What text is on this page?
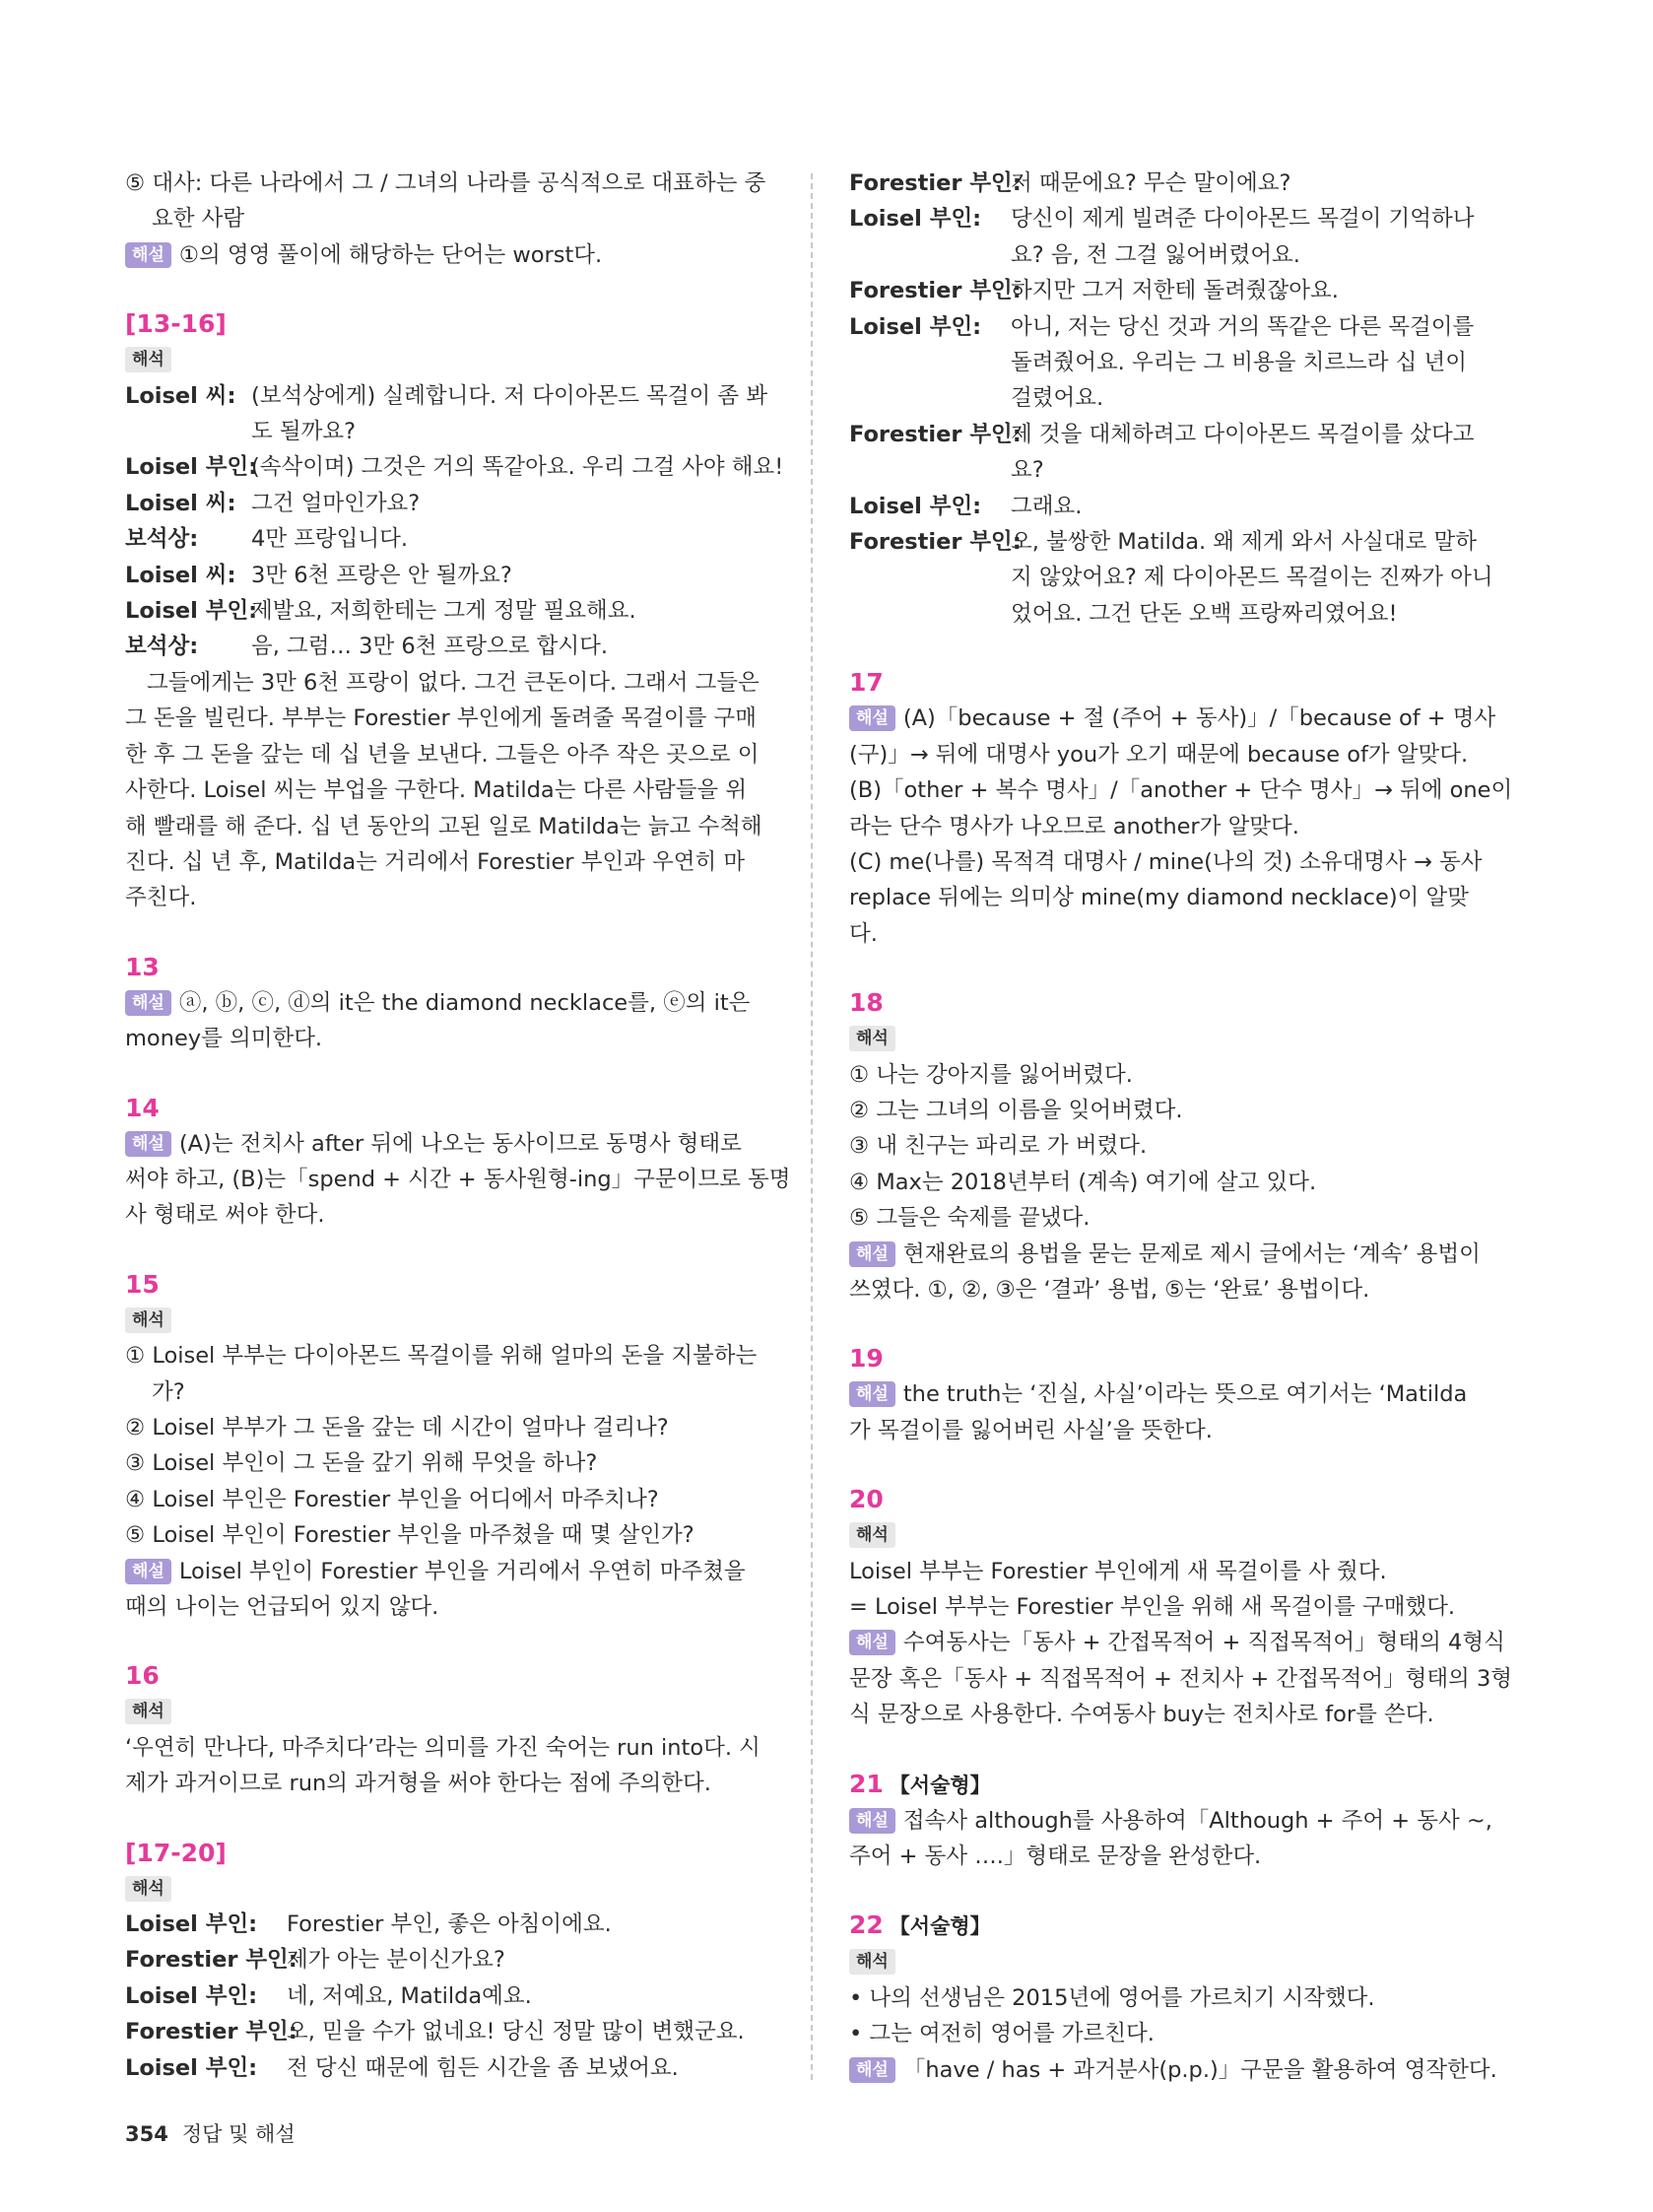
⑤ 대사: 다른 나라에서 그 / 그녀의 나라를 공식적으로 대표하는 중

요한 사람

해설 ①의 영영 풀이에 해당하는 단어는 worst다.

[13-16]

해석

Loisel 씨: (보석상에게) 실례합니다. 저 다이아몬드 목걸이 좀 봐
도 될까요?
Loisel 부인:
(속삭이며) 그것은 거의 똑같아요. 우리 그걸 사야 해요!
Loisel 씨: 그건 얼마인가요?
보석상:	4만 프랑입니다.
Loisel 씨: 3만 6천 프랑은 안 될까요?
Loisel 부인:
제발요, 저희한테는 그게 정말 필요해요.
보석상:	음, 그럼… 3만 6천 프랑으로 합시다.

그들에게는 3만 6천 프랑이 없다. 그건 큰돈이다. 그래서 그들은

그 돈을 빌린다. 부부는 Forestier 부인에게 돌려줄 목걸이를 구매

한 후 그 돈을 갚는 데 십 년을 보낸다. 그들은 아주 작은 곳으로 이

사한다. Loisel 씨는 부업을 구한다. Matilda는 다른 사람들을 위

해 빨래를 해 준다. 십 년 동안의 고된 일로 Matilda는 늙고 수척해

진다. 십 년 후, Matilda는 거리에서 Forestier 부인과 우연히 마

주친다.

13

해설 ⓐ, ⓑ, ⓒ, ⓓ의 it은 the diamond necklace를, ⓔ의 it은

money를 의미한다.

14

해설 (A)는 전치사 after 뒤에 나오는 동사이므로 동명사 형태로

써야 하고, (B)는「spend + 시간 + 동사원형-ing」구문이므로 동명

사 형태로 써야 한다.

15

해석

① Loisel 부부는 다이아몬드 목걸이를 위해 얼마의 돈을 지불하는

가?

② Loisel 부부가 그 돈을 갚는 데 시간이 얼마나 걸리나?

③ Loisel 부인이 그 돈을 갚기 위해 무엇을 하나?

④ Loisel 부인은 Forestier 부인을 어디에서 마주치나?

⑤ Loisel 부인이 Forestier 부인을 마주쳤을 때 몇 살인가?

해설 Loisel 부인이 Forestier 부인을 거리에서 우연히 마주쳤을

때의 나이는 언급되어 있지 않다.

16

해석

‘우연히 만나다, 마주치다’라는 의미를 가진 숙어는 run into다. 시

제가 과거이므로 run의 과거형을 써야 한다는 점에 주의한다.

[17-20]

해석

Loisel 부인:	Forestier 부인, 좋은 아침이에요.
Forestier 부인:
제가 아는 분이신가요?
Loisel 부인:	네, 저예요, Matilda예요.
Forestier 부인:
오, 믿을 수가 없네요! 당신 정말 많이 변했군요.
Loisel 부인:	전 당신 때문에 힘든 시간을 좀 보냈어요.
Forestier 부인:
저 때문에요? 무슨 말이에요?
Loisel 부인:	당신이 제게 빌려준 다이아몬드 목걸이 기억하나
요? 음, 전 그걸 잃어버렸어요.
Forestier 부인:
하지만 그거 저한테 돌려줬잖아요.
Loisel 부인:	아니, 저는 당신 것과 거의 똑같은 다른 목걸이를
돌려줬어요. 우리는 그 비용을 치르느라 십 년이
걸렸어요.
Forestier 부인:
제 것을 대체하려고 다이아몬드 목걸이를 샀다고
요?
Loisel 부인:	그래요.
Forestier 부인:
오, 불쌍한 Matilda. 왜 제게 와서 사실대로 말하
지 않았어요? 제 다이아몬드 목걸이는 진짜가 아니
었어요. 그건 단돈 오백 프랑짜리였어요!

17

해설 (A)「because + 절 (주어 + 동사)」/「because of + 명사

(구)」→ 뒤에 대명사 you가 오기 때문에 because of가 알맞다.

(B)「other + 복수 명사」/「another + 단수 명사」→ 뒤에 one이

라는 단수 명사가 나오므로 another가 알맞다.

(C) me(나를) 목적격 대명사 / mine(나의 것) 소유대명사 → 동사

replace 뒤에는 의미상 mine(my diamond necklace)이 알맞

다.

18

해석

① 나는 강아지를 잃어버렸다.

② 그는 그녀의 이름을 잊어버렸다.

③ 내 친구는 파리로 가 버렸다.

④ Max는 2018년부터 (계속) 여기에 살고 있다.

⑤ 그들은 숙제를 끝냈다.

해설 현재완료의 용법을 묻는 문제로 제시 글에서는 ‘계속’ 용법이

쓰였다. ①, ②, ③은 ‘결과’ 용법, ⑤는 ‘완료’ 용법이다.

19

해설 the truth는 ‘진실, 사실’이라는 뜻으로 여기서는 ‘Matilda

가 목걸이를 잃어버린 사실’을 뜻한다.

20

해석

Loisel 부부는 Forestier 부인에게 새 목걸이를 사 줬다.

= Loisel 부부는 Forestier 부인을 위해 새 목걸이를 구매했다.

해설 수여동사는「동사 + 간접목적어 + 직접목적어」형태의 4형식

문장 혹은「동사 + 직접목적어 + 전치사 + 간접목적어」형태의 3형

식 문장으로 사용한다. 수여동사 buy는 전치사로 for를 쓴다.

21 【서술형】

해설 접속사 although를 사용하여「Although + 주어 + 동사 ~,

주어 + 동사 ….」형태로 문장을 완성한다.

22 【서술형】

해석

• 나의 선생님은 2015년에 영어를 가르치기 시작했다.

• 그는 여전히 영어를 가르친다.

해설 「have / has + 과거분사(p.p.)」구문을 활용하여 영작한다.

354 정답 및 해설
